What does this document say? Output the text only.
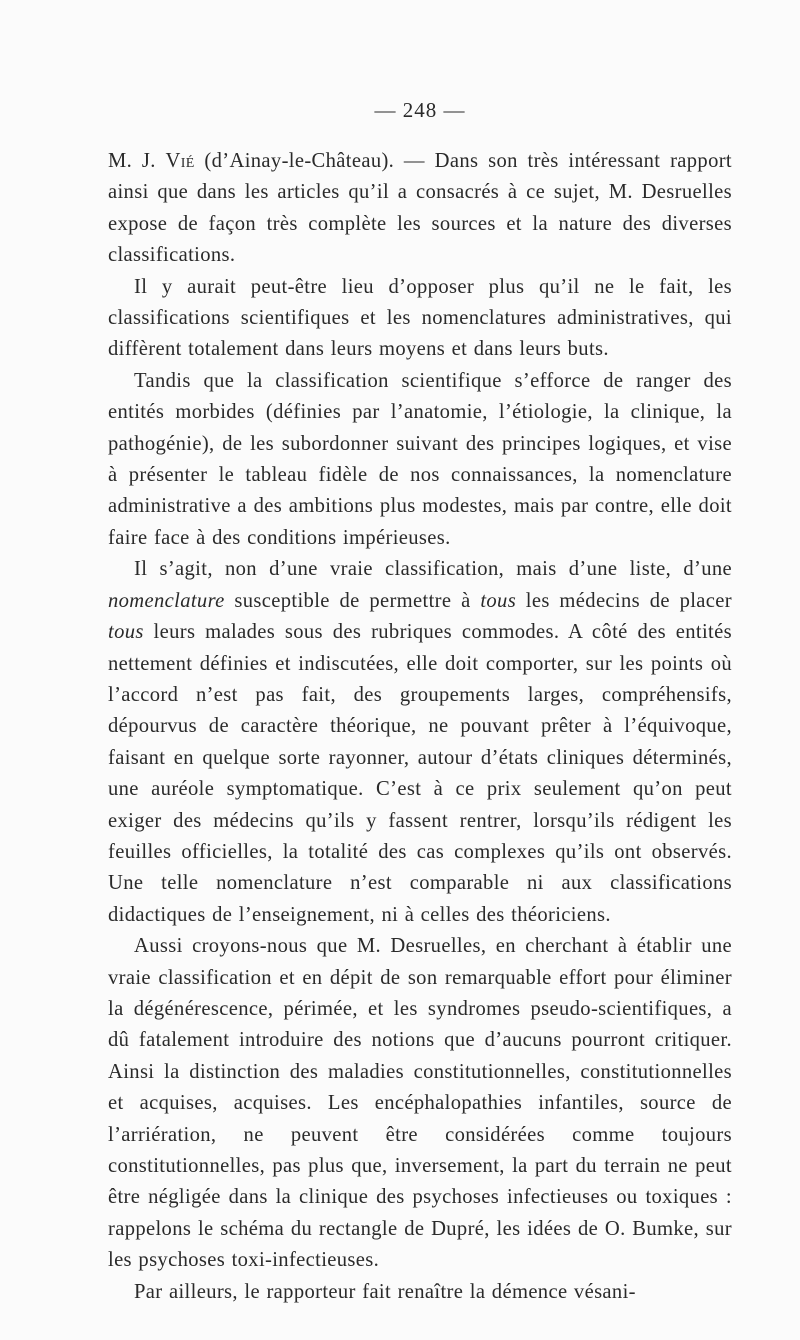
— 248 —

M. J. Vié (d’Ainay-le-Château). — Dans son très intéressant rapport ainsi que dans les articles qu’il a consacrés à ce sujet, M. Desruelles expose de façon très complète les sources et la nature des diverses classifications.

Il y aurait peut-être lieu d’opposer plus qu’il ne le fait, les classifications scientifiques et les nomenclatures administratives, qui diffèrent totalement dans leurs moyens et dans leurs buts.

Tandis que la classification scientifique s’efforce de ranger des entités morbides (définies par l’anatomie, l’étiologie, la clinique, la pathogénie), de les subordonner suivant des principes logiques, et vise à présenter le tableau fidèle de nos connaissances, la nomenclature administrative a des ambitions plus modestes, mais par contre, elle doit faire face à des conditions impérieuses.

Il s’agit, non d’une vraie classification, mais d’une liste, d’une nomenclature susceptible de permettre à tous les médecins de placer tous leurs malades sous des rubriques commodes. A côté des entités nettement définies et indiscutées, elle doit comporter, sur les points où l’accord n’est pas fait, des groupements larges, compréhensifs, dépourvus de caractère théorique, ne pouvant prêter à l’équivoque, faisant en quelque sorte rayonner, autour d’états cliniques déterminés, une auréole symptomatique. C’est à ce prix seulement qu’on peut exiger des médecins qu’ils y fassent rentrer, lorsqu’ils rédigent les feuilles officielles, la totalité des cas complexes qu’ils ont observés. Une telle nomenclature n’est comparable ni aux classifications didactiques de l’enseignement, ni à celles des théoriciens.

Aussi croyons-nous que M. Desruelles, en cherchant à établir une vraie classification et en dépit de son remarquable effort pour éliminer la dégénérescence, périmée, et les syndromes pseudo-scientifiques, a dû fatalement introduire des notions que d’aucuns pourront critiquer. Ainsi la distinction des maladies constitutionnelles, constitutionnelles et acquises, acquises. Les encéphalopathies infantiles, source de l’arriération, ne peuvent être considérées comme toujours constitutionnelles, pas plus que, inversement, la part du terrain ne peut être négligée dans la clinique des psychoses infectieuses ou toxiques : rappelons le schéma du rectangle de Dupré, les idées de O. Bumke, sur les psychoses toxi-infectieuses.

Par ailleurs, le rapporteur fait renaître la démence vésani-
